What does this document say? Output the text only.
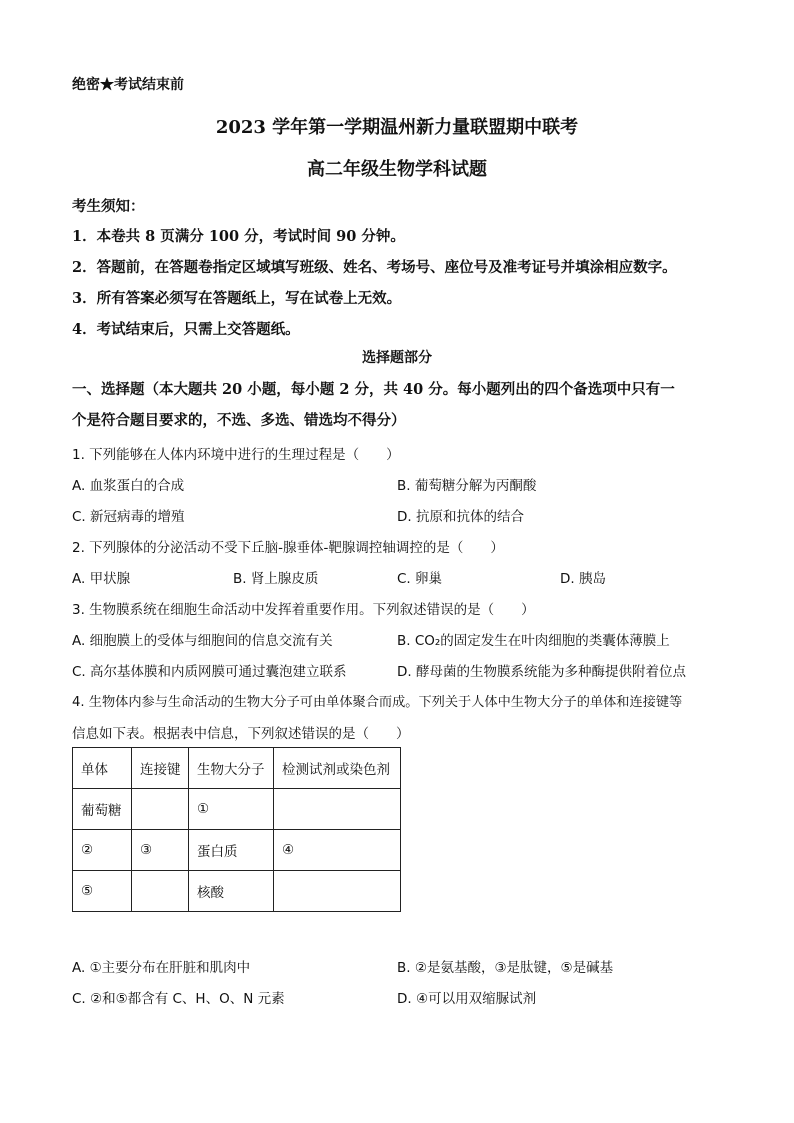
绝密★考试结束前
2023 学年第一学期温州新力量联盟期中联考
高二年级生物学科试题
考生须知：
1．本卷共 8 页满分 100 分，考试时间 90 分钟。
2．答题前，在答题卷指定区域填写班级、姓名、考场号、座位号及准考证号并填涂相应数字。
3．所有答案必须写在答题纸上，写在试卷上无效。
4．考试结束后，只需上交答题纸。
选择题部分
一、选择题（本大题共 20 小题，每小题 2 分，共 40 分。每小题列出的四个备选项中只有一
个是符合题目要求的，不选、多选、错选均不得分）
1. 下列能够在人体内环境中进行的生理过程是（　　）
A. 血浆蛋白的合成	B. 葡萄糖分解为丙酮酸
C. 新冠病毒的增殖	D. 抗原和抗体的结合
2. 下列腺体的分泌活动不受下丘脑-腺垂体-靶腺调控轴调控的是（　　）
A. 甲状腺	B. 肾上腺皮质	C. 卵巢	D. 胰岛
3. 生物膜系统在细胞生命活动中发挥着重要作用。下列叙述错误的是（　　）
A. 细胞膜上的受体与细胞间的信息交流有关	B. CO₂的固定发生在叶肉细胞的类囊体薄膜上
C. 高尔基体膜和内质网膜可通过囊泡建立联系	D. 酵母菌的生物膜系统能为多种酶提供附着位点
4. 生物体内参与生命活动的生物大分子可由单体聚合而成。下列关于人体中生物大分子的单体和连接键等
信息如下表。根据表中信息，下列叙述错误的是（　　）
单体	连接键	生物大分子	检测试剂或染色剂
葡萄糖		①	
②	③	蛋白质	④
⑤		核酸	
A. ①主要分布在肝脏和肌肉中	B. ②是氨基酸，③是肽键，⑤是碱基
C. ②和⑤都含有 C、H、O、N 元素	D. ④可以用双缩脲试剂
